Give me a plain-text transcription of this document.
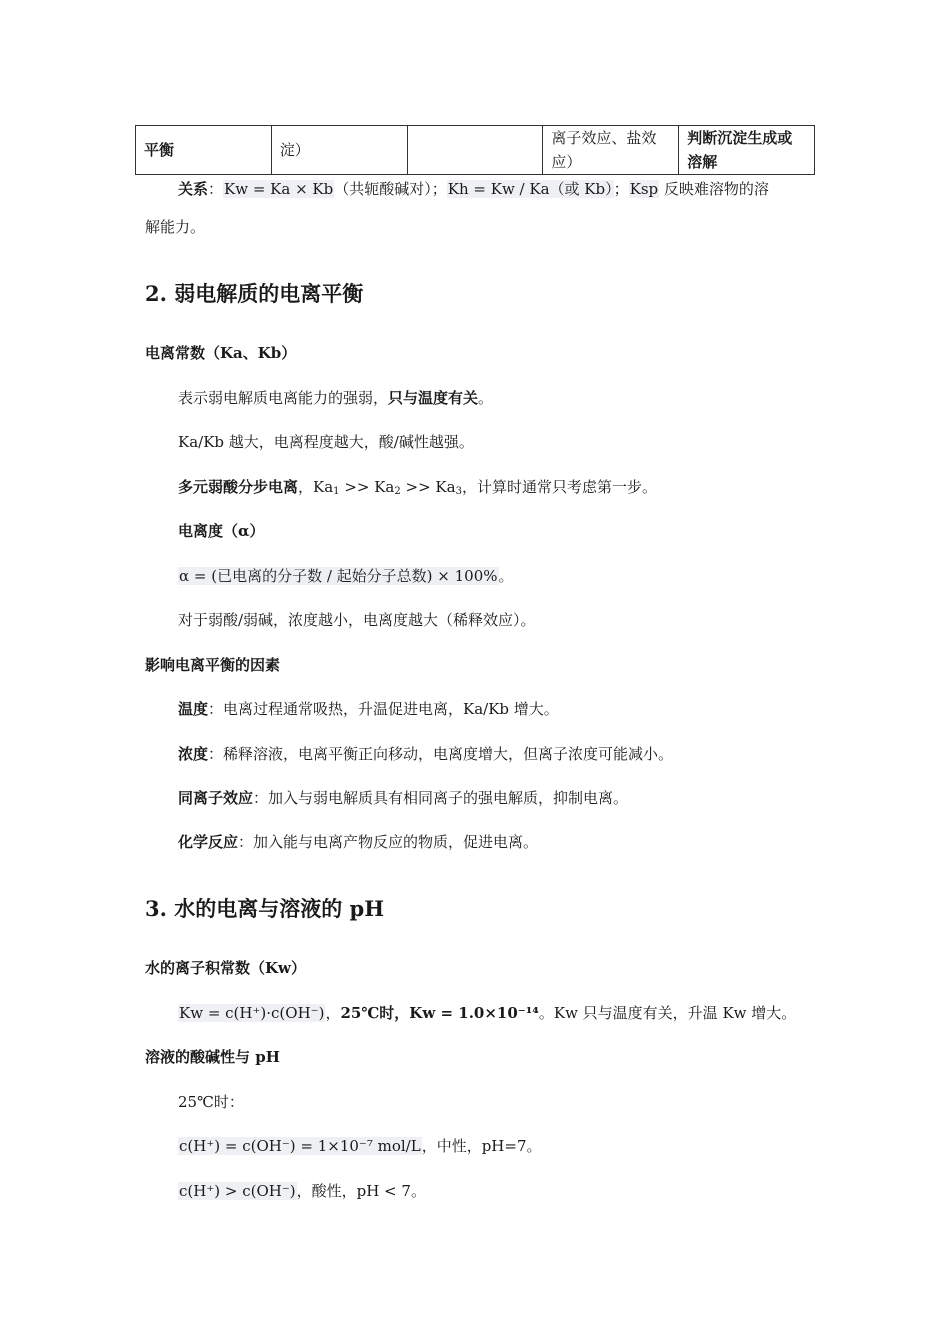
平衡	淀）		离子效应、盐效应）	判断沉淀生成或溶解
关系：Kw = Ka × Kb（共轭酸碱对）；Kh = Kw / Ka（或 Kb）；Ksp 反映难溶物的溶
解能力。
2. 弱电解质的电离平衡
电离常数（Ka、Kb）
表示弱电解质电离能力的强弱，只与温度有关。
Ka/Kb 越大，电离程度越大，酸/碱性越强。
多元弱酸分步电离，$Ka_1 >> Ka_2 >> Ka_3$，计算时通常只考虑第一步。
电离度（α）
α = (已电离的分子数 / 起始分子总数) × 100%。
对于弱酸/弱碱，浓度越小，电离度越大（稀释效应）。
影响电离平衡的因素
温度：电离过程通常吸热，升温促进电离，Ka/Kb 增大。
浓度：稀释溶液，电离平衡正向移动，电离度增大，但离子浓度可能减小。
同离子效应：加入与弱电解质具有相同离子的强电解质，抑制电离。
化学反应：加入能与电离产物反应的物质，促进电离。
3. 水的电离与溶液的 pH
水的离子积常数（Kw）
Kw = c(H⁺)·c(OH⁻)，25℃时，Kw = 1.0×10⁻¹⁴。Kw 只与温度有关，升温 Kw 增大。
溶液的酸碱性与 pH
25℃时：
c(H⁺) = c(OH⁻) = 1×10⁻⁷ mol/L，中性，pH=7。
c(H⁺) > c(OH⁻)，酸性，pH < 7。
